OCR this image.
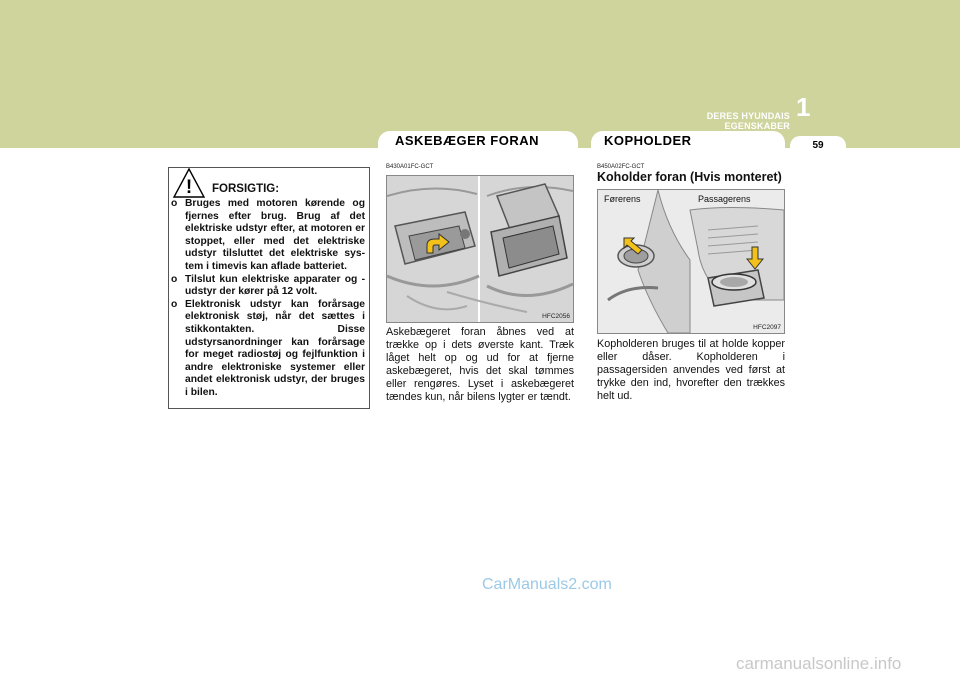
DERES HYUNDAIS EGENSKABER
1
59
ASKEBÆGER FORAN	KOPHOLDER
! FORSIGTIG:
o Bruges med motoren kørende og fjernes efter brug. Brug af det elektriske udstyr efter, at motoren er stoppet, eller med det elektriske udstyr tilsluttet det elektriske sys-tem i timevis kan aflade batteriet.
o Tilslut kun elektriske apparater og -udstyr der kører på 12 volt.
o Elektronisk udstyr kan forårsage elektronisk støj, når det sættes i stikkontakten. Disse udstyrsanordninger kan forårsage for meget radiostøj og fejlfunktion i andre elektroniske systemer eller andet elektronisk udstyr, der bruges i bilen.
B430A01FC-GCT
HFC2056

Askebægeret foran åbnes ved at trække op i dets øverste kant. Træk låget helt op og ud for at fjerne askebægeret, hvis det skal tømmes eller rengøres. Lyset i askebægeret tændes kun, når bilens lygter er tændt.

B450A02FC-GCT
Koholder foran (Hvis monteret)
Førerens	Passagerens
HFC2097

Kopholderen bruges til at holde kopper eller dåser. Kopholderen i passagersiden anvendes ved først at trykke den ind, hvorefter den trækkes helt ud.

CarManuals2.com
carmanualsonline.info
